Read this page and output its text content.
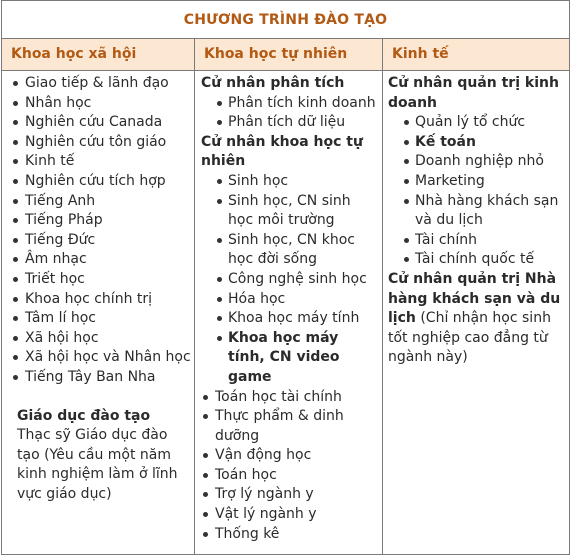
CHƯƠNG TRÌNH ĐÀO TẠO
Khoa học xã hội	Khoa học tự nhiên	Kinh tế
Giao tiếp & lãnh đạo
Nhân học
Nghiên cứu Canada
Nghiên cứu tôn giáo
Kinh tế
Nghiên cứu tích hợp
Tiếng Anh
Tiếng Pháp
Tiếng Đức
Âm nhạc
Triết học
Khoa học chính trị
Tâm lí học
Xã hội học
Xã hội học và Nhân học
Tiếng Tây Ban Nha
Giáo dục đào tạo
Thạc sỹ Giáo dục đào tạo (Yêu cầu một năm kinh nghiệm làm ở lĩnh vực giáo dục)
Cử nhân phân tích
Phân tích kinh doanh
Phân tích dữ liệu
Cử nhân khoa học tự nhiên
Sinh học
Sinh học, CN sinh học môi trường
Sinh học, CN khoc học đời sống
Công nghệ sinh học
Hóa học
Khoa học máy tính
Khoa học máy tính, CN video game
Toán học tài chính
Thực phẩm & dinh dưỡng
Vận động học
Toán học
Trợ lý ngành y
Vật lý ngành y
Thống kê
Cử nhân quản trị kinh doanh
Quản lý tổ chức
Kế toán
Doanh nghiệp nhỏ
Marketing
Nhà hàng khách sạn và du lịch
Tài chính
Tài chính quốc tế
Cử nhân quản trị Nhà hàng khách sạn và du lịch (Chỉ nhận học sinh tốt nghiệp cao đẳng từ ngành này)
